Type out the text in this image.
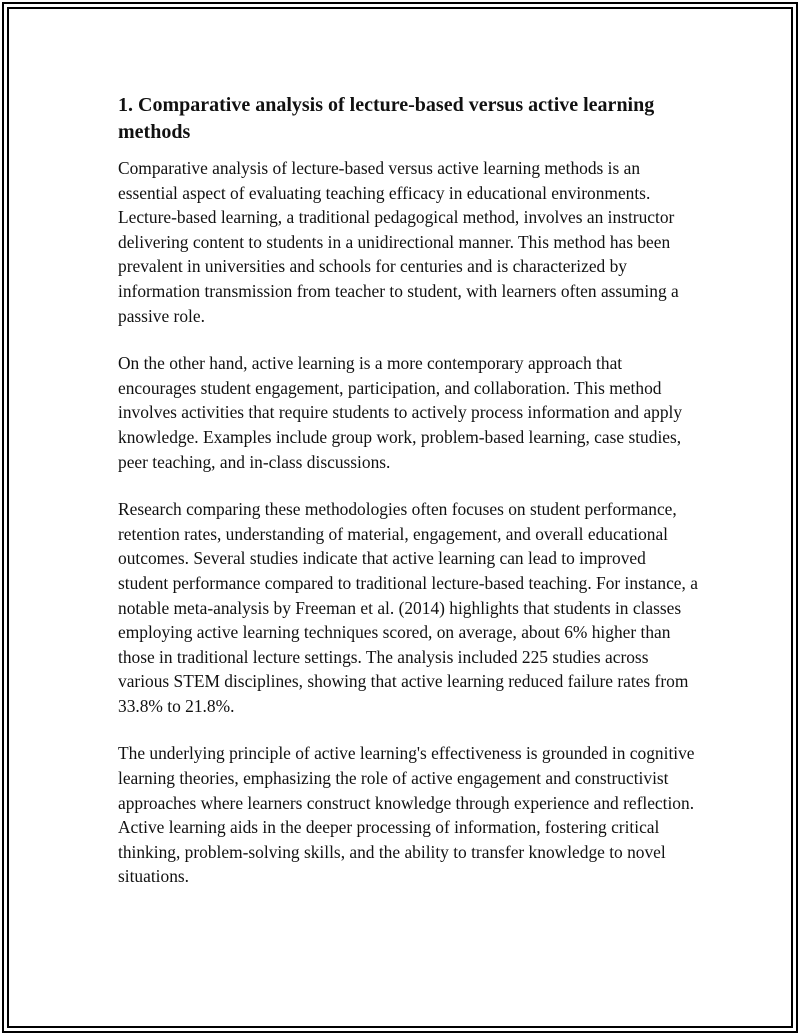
1. Comparative analysis of lecture-based versus active learning methods

Comparative analysis of lecture-based versus active learning methods is an essential aspect of evaluating teaching efficacy in educational environments. Lecture-based learning, a traditional pedagogical method, involves an instructor delivering content to students in a unidirectional manner. This method has been prevalent in universities and schools for centuries and is characterized by information transmission from teacher to student, with learners often assuming a passive role.

On the other hand, active learning is a more contemporary approach that encourages student engagement, participation, and collaboration. This method involves activities that require students to actively process information and apply knowledge. Examples include group work, problem-based learning, case studies, peer teaching, and in-class discussions.

Research comparing these methodologies often focuses on student performance, retention rates, understanding of material, engagement, and overall educational outcomes. Several studies indicate that active learning can lead to improved student performance compared to traditional lecture-based teaching. For instance, a notable meta-analysis by Freeman et al. (2014) highlights that students in classes employing active learning techniques scored, on average, about 6% higher than those in traditional lecture settings. The analysis included 225 studies across various STEM disciplines, showing that active learning reduced failure rates from 33.8% to 21.8%.

The underlying principle of active learning's effectiveness is grounded in cognitive learning theories, emphasizing the role of active engagement and constructivist approaches where learners construct knowledge through experience and reflection. Active learning aids in the deeper processing of information, fostering critical thinking, problem-solving skills, and the ability to transfer knowledge to novel situations.
